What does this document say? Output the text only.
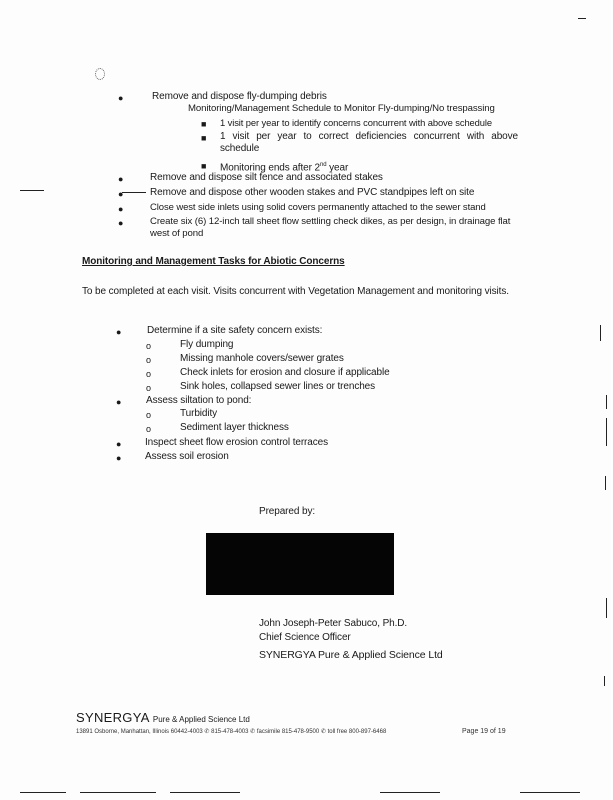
●	Remove and dispose fly-dumping debris
Monitoring/Management Schedule to Monitor Fly-dumping/No trespassing
■ 1 visit per year to identify concerns concurrent with above schedule
■ 1 visit per year to correct deficiencies concurrent with above schedule
■ Monitoring ends after 2nd year
●	Remove and dispose silt fence and associated stakes
●	Remove and dispose other wooden stakes and PVC standpipes left on site
●	Close west side inlets using solid covers permanently attached to the sewer stand
●	Create six (6) 12-inch tall sheet flow settling check dikes, as per design, in drainage flat west of pond
Monitoring and Management Tasks for Abiotic Concerns
To be completed at each visit. Visits concurrent with Vegetation Management and monitoring visits.
●	Determine if a site safety concern exists:
o	Fly dumping
o	Missing manhole covers/sewer grates
o	Check inlets for erosion and closure if applicable
o	Sink holes, collapsed sewer lines or trenches
● Assess siltation to pond:
o	Turbidity
o	Sediment layer thickness
● Inspect sheet flow erosion control terraces
● Assess soil erosion
Prepared by:
John Joseph-Peter Sabuco, Ph.D.
Chief Science Officer
SYNERGYA Pure & Applied Science Ltd
SYNERGYA Pure & Applied Science Ltd
13891 Osborne, Manhattan, Illinois 60442-4003 ✆ 815-478-4003 ✆ facsimile 815-478-9500 ✆ toll free 800-897-6468	Page 19 of 19
